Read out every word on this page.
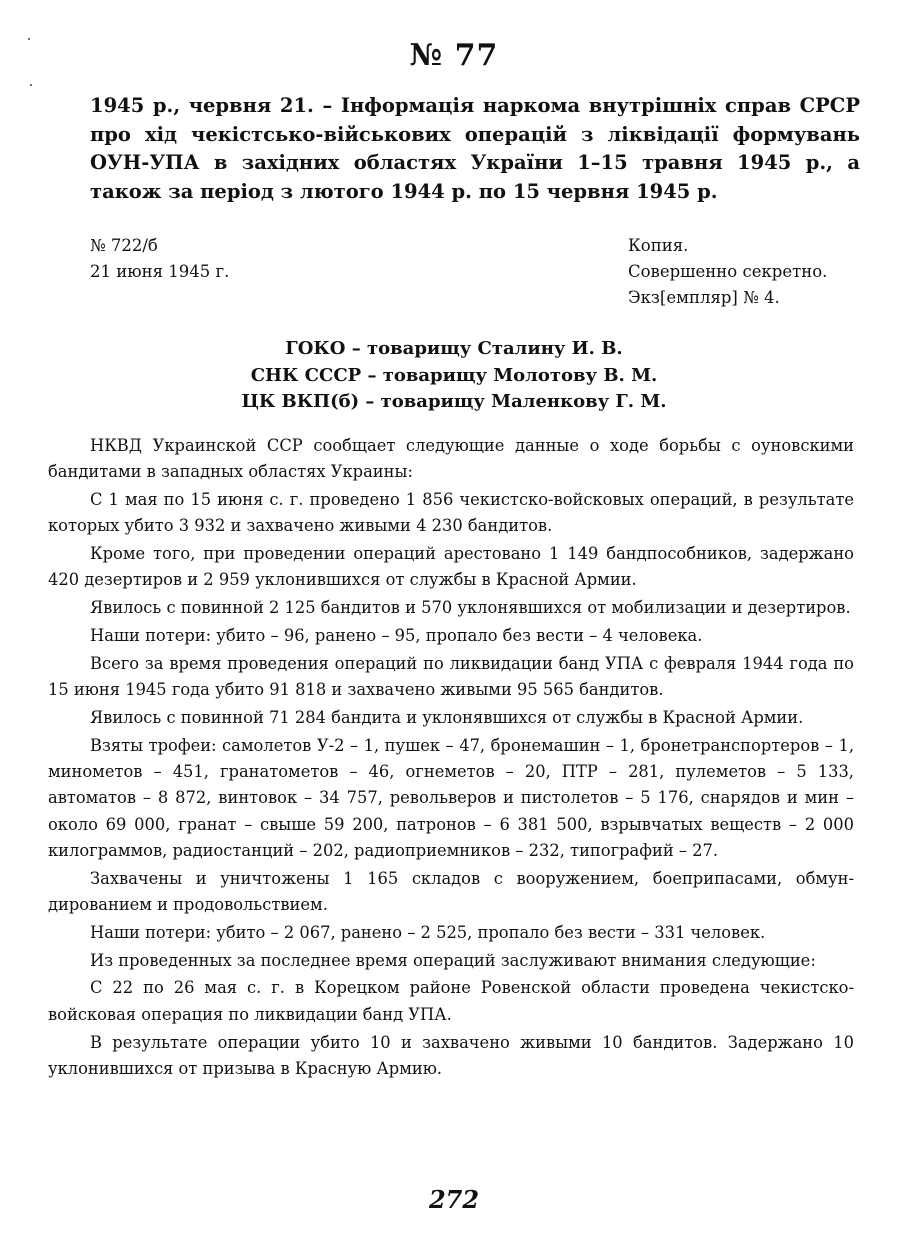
№ 77
1945 р., червня 21. – Інформація наркома внутрішніх справ СРСР про хід чекістсько-військових операцій з ліквідації формувань ОУН-УПА в західних областях України 1–15 травня 1945 р., а також за період з лютого 1944 р. по 15 червня 1945 р.
№ 722/б
21 июня 1945 г.
Копия.
Совершенно секретно.
Экз[емпляр] № 4.
ГОКО – товарищу Сталину И. В.
СНК СССР – товарищу Молотову В. М.
ЦК ВКП(б) – товарищу Маленкову Г. М.

НКВД Украинской ССР сообщает следующие данные о ходе борьбы с оуновскими бандитами в западных областях Украины:

С 1 мая по 15 июня с. г. проведено 1 856 чекистско-войсковых операций, в результате которых убито 3 932 и захвачено живыми 4 230 бандитов.

Кроме того, при проведении операций арестовано 1 149 бандпособников, задержано 420 дезертиров и 2 959 уклонившихся от службы в Красной Армии.

Явилось с повинной 2 125 бандитов и 570 уклонявшихся от мобилизации и дезертиров.

Наши потери: убито – 96, ранено – 95, пропало без вести – 4 человека.

Всего за время проведения операций по ликвидации банд УПА с февраля 1944 года по 15 июня 1945 года убито 91 818 и захвачено живыми 95 565 бандитов.

Явилось с повинной 71 284 бандита и уклонявшихся от службы в Красной Армии.

Взяты трофеи: самолетов У-2 – 1, пушек – 47, бронемашин – 1, бронетранспортеров – 1, минометов – 451, гранатометов – 46, огнеметов – 20, ПТР – 281, пулеметов – 5 133, автоматов – 8 872, винтовок – 34 757, револьверов и пистолетов – 5 176, снарядов и мин – около 69 000, гранат – свыше 59 200, патронов – 6 381 500, взрывчатых веществ – 2 000 килограммов, радиостанций – 202, радиоприемников – 232, типографий – 27.

Захвачены и уничтожены 1 165 складов с вооружением, боеприпасами, обмундированием и продовольствием.

Наши потери: убито – 2 067, ранено – 2 525, пропало без вести – 331 человек.

Из проведенных за последнее время операций заслуживают внимания следующие:

С 22 по 26 мая с. г. в Корецком районе Ровенской области проведена чекистско-войсковая операция по ликвидации банд УПА.

В результате операции убито 10 и захвачено живыми 10 бандитов. Задержано 10 уклонившихся от призыва в Красную Армию.

272
